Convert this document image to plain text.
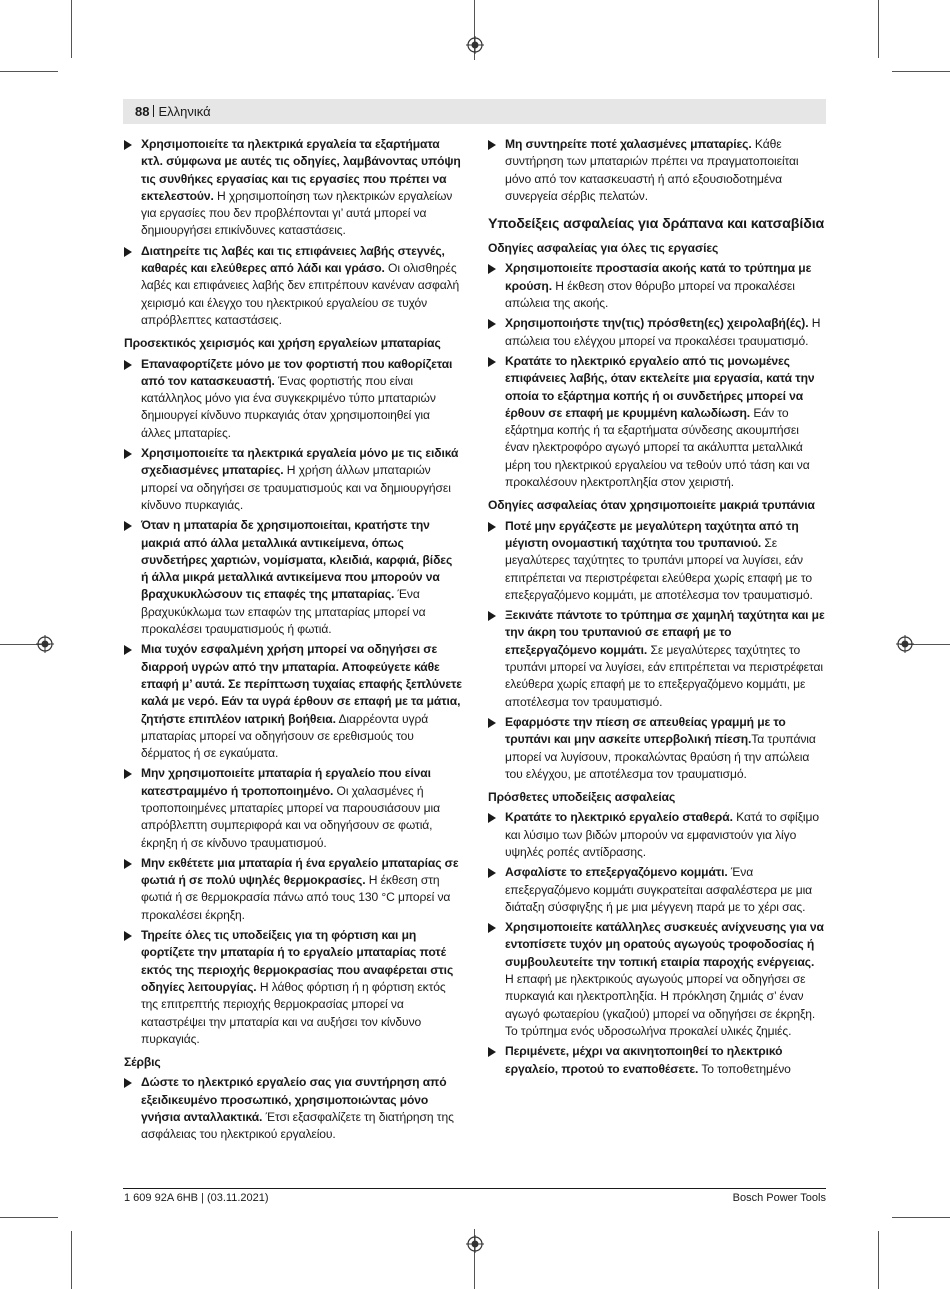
88 Ελληνικά
Χρησιμοποιείτε τα ηλεκτρικά εργαλεία τα εξαρτήματα κτλ. σύμφωνα με αυτές τις οδηγίες, λαμβάνοντας υπόψη τις συνθήκες εργασίας και τις εργασίες που πρέπει να εκτελεστούν. Η χρησιμοποίηση των ηλεκτρικών εργαλείων για εργασίες που δεν προβλέπονται γι’ αυτά μπορεί να δημιουργήσει επικίνδυνες καταστάσεις.
Διατηρείτε τις λαβές και τις επιφάνειες λαβής στεγνές, καθαρές και ελεύθερες από λάδι και γράσο. Οι ολισθηρές λαβές και επιφάνειες λαβής δεν επιτρέπουν κανέναν ασφαλή χειρισμό και έλεγχο του ηλεκτρικού εργαλείου σε τυχόν απρόβλεπτες καταστάσεις.
Προσεκτικός χειρισμός και χρήση εργαλείων μπαταρίας
Επαναφορτίζετε μόνο με τον φορτιστή που καθορίζεται από τον κατασκευαστή. Ένας φορτιστής που είναι κατάλληλος μόνο για ένα συγκεκριμένο τύπο μπαταριών δημιουργεί κίνδυνο πυρκαγιάς όταν χρησιμοποιηθεί για άλλες μπαταρίες.
Χρησιμοποιείτε τα ηλεκτρικά εργαλεία μόνο με τις ειδικά σχεδιασμένες μπαταρίες. Η χρήση άλλων μπαταριών μπορεί να οδηγήσει σε τραυματισμούς και να δημιουργήσει κίνδυνο πυρκαγιάς.
Όταν η μπαταρία δε χρησιμοποιείται, κρατήστε την μακριά από άλλα μεταλλικά αντικείμενα, όπως συνδετήρες χαρτιών, νομίσματα, κλειδιά, καρφιά, βίδες ή άλλα μικρά μεταλλικά αντικείμενα που μπορούν να βραχυκυκλώσουν τις επαφές της μπαταρίας. Ένα βραχυκύκλωμα των επαφών της μπαταρίας μπορεί να προκαλέσει τραυματισμούς ή φωτιά.
Μια τυχόν εσφαλμένη χρήση μπορεί να οδηγήσει σε διαρροή υγρών από την μπαταρία. Αποφεύγετε κάθε επαφή μ’ αυτά. Σε περίπτωση τυχαίας επαφής ξεπλύνετε καλά με νερό. Εάν τα υγρά έρθουν σε επαφή με τα μάτια, ζητήστε επιπλέον ιατρική βοήθεια. Διαρρέοντα υγρά μπαταρίας μπορεί να οδηγήσουν σε ερεθισμούς του δέρματος ή σε εγκαύματα.
Μην χρησιμοποιείτε μπαταρία ή εργαλείο που είναι κατεστραμμένο ή τροποποιημένο. Οι χαλασμένες ή τροποποιημένες μπαταρίες μπορεί να παρουσιάσουν μια απρόβλεπτη συμπεριφορά και να οδηγήσουν σε φωτιά, έκρηξη ή σε κίνδυνο τραυματισμού.
Μην εκθέτετε μια μπαταρία ή ένα εργαλείο μπαταρίας σε φωτιά ή σε πολύ υψηλές θερμοκρασίες. Η έκθεση στη φωτιά ή σε θερμοκρασία πάνω από τους 130 °C μπορεί να προκαλέσει έκρηξη.
Τηρείτε όλες τις υποδείξεις για τη φόρτιση και μη φορτίζετε την μπαταρία ή το εργαλείο μπαταρίας ποτέ εκτός της περιοχής θερμοκρασίας που αναφέρεται στις οδηγίες λειτουργίας. Η λάθος φόρτιση ή η φόρτιση εκτός της επιτρεπτής περιοχής θερμοκρασίας μπορεί να καταστρέψει την μπαταρία και να αυξήσει τον κίνδυνο πυρκαγιάς.
Σέρβις
Δώστε το ηλεκτρικό εργαλείο σας για συντήρηση από εξειδικευμένο προσωπικό, χρησιμοποιώντας μόνο γνήσια ανταλλακτικά. Έτσι εξασφαλίζετε τη διατήρηση της ασφάλειας του ηλεκτρικού εργαλείου.
Μη συντηρείτε ποτέ χαλασμένες μπαταρίες. Κάθε συντήρηση των μπαταριών πρέπει να πραγματοποιείται μόνο από τον κατασκευαστή ή από εξουσιοδοτημένα συνεργεία σέρβις πελατών.
Υποδείξεις ασφαλείας για δράπανα και κατσαβίδια
Οδηγίες ασφαλείας για όλες τις εργασίες
Χρησιμοποιείτε προστασία ακοής κατά το τρύπημα με κρούση. Η έκθεση στον θόρυβο μπορεί να προκαλέσει απώλεια της ακοής.
Χρησιμοποιήστε την(τις) πρόσθετη(ες) χειρολαβή(ές). Η απώλεια του ελέγχου μπορεί να προκαλέσει τραυματισμό.
Κρατάτε το ηλεκτρικό εργαλείο από τις μονωμένες επιφάνειες λαβής, όταν εκτελείτε μια εργασία, κατά την οποία το εξάρτημα κοπής ή οι συνδετήρες μπορεί να έρθουν σε επαφή με κρυμμένη καλωδίωση. Εάν το εξάρτημα κοπής ή τα εξαρτήματα σύνδεσης ακουμπήσει έναν ηλεκτροφόρο αγωγό μπορεί τα ακάλυπτα μεταλλικά μέρη του ηλεκτρικού εργαλείου να τεθούν υπό τάση και να προκαλέσουν ηλεκτροπληξία στον χειριστή.
Οδηγίες ασφαλείας όταν χρησιμοποιείτε μακριά τρυπάνια
Ποτέ μην εργάζεστε με μεγαλύτερη ταχύτητα από τη μέγιστη ονομαστική ταχύτητα του τρυπανιού. Σε μεγαλύτερες ταχύτητες το τρυπάνι μπορεί να λυγίσει, εάν επιτρέπεται να περιστρέφεται ελεύθερα χωρίς επαφή με το επεξεργαζόμενο κομμάτι, με αποτέλεσμα τον τραυματισμό.
Ξεκινάτε πάντοτε το τρύπημα σε χαμηλή ταχύτητα και με την άκρη του τρυπανιού σε επαφή με το επεξεργαζόμενο κομμάτι. Σε μεγαλύτερες ταχύτητες το τρυπάνι μπορεί να λυγίσει, εάν επιτρέπεται να περιστρέφεται ελεύθερα χωρίς επαφή με το επεξεργαζόμενο κομμάτι, με αποτέλεσμα τον τραυματισμό.
Εφαρμόστε την πίεση σε απευθείας γραμμή με το τρυπάνι και μην ασκείτε υπερβολική πίεση.Τα τρυπάνια μπορεί να λυγίσουν, προκαλώντας θραύση ή την απώλεια του ελέγχου, με αποτέλεσμα τον τραυματισμό.
Πρόσθετες υποδείξεις ασφαλείας
Κρατάτε το ηλεκτρικό εργαλείο σταθερά. Κατά το σφίξιμο και λύσιμο των βιδών μπορούν να εμφανιστούν για λίγο υψηλές ροπές αντίδρασης.
Ασφαλίστε το επεξεργαζόμενο κομμάτι. Ένα επεξεργαζόμενο κομμάτι συγκρατείται ασφαλέστερα με μια διάταξη σύσφιγξης ή με μια μέγγενη παρά με το χέρι σας.
Χρησιμοποιείτε κατάλληλες συσκευές ανίχνευσης για να εντοπίσετε τυχόν μη ορατούς αγωγούς τροφοδοσίας ή συμβουλευτείτε την τοπική εταιρία παροχής ενέργειας. Η επαφή με ηλεκτρικούς αγωγούς μπορεί να οδηγήσει σε πυρκαγιά και ηλεκτροπληξία. Η πρόκληση ζημιάς σ’ έναν αγωγό φωταερίου (γκαζιού) μπορεί να οδηγήσει σε έκρηξη. Το τρύπημα ενός υδροσωλήνα προκαλεί υλικές ζημιές.
Περιμένετε, μέχρι να ακινητοποιηθεί το ηλεκτρικό εργαλείο, προτού το εναποθέσετε. Το τοποθετημένο
1 609 92A 6HB | (03.11.2021)	Bosch Power Tools
